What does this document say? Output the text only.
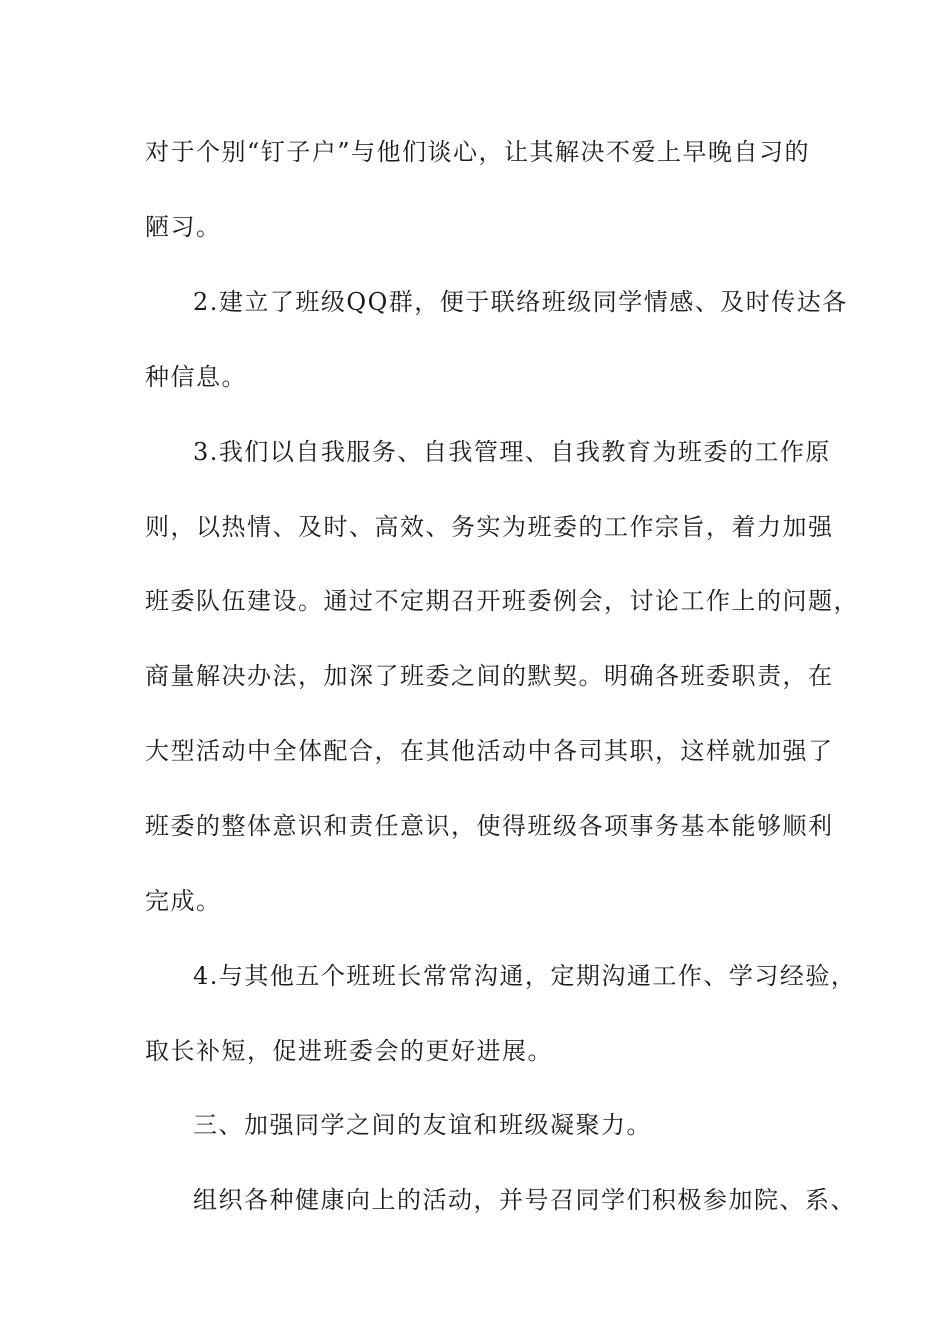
对于个别“钉子户”与他们谈心，让其解决不爱上早晚自习的

陋习。

2.建立了班级QQ群，便于联络班级同学情感、及时传达各

种信息。

3.我们以自我服务、自我管理、自我教育为班委的工作原

则，以热情、及时、高效、务实为班委的工作宗旨，着力加强

班委队伍建设。通过不定期召开班委例会，讨论工作上的问题，

商量解决办法，加深了班委之间的默契。明确各班委职责，在

大型活动中全体配合，在其他活动中各司其职，这样就加强了

班委的整体意识和责任意识，使得班级各项事务基本能够顺利

完成。

4.与其他五个班班长常常沟通，定期沟通工作、学习经验，

取长补短，促进班委会的更好进展。

三、加强同学之间的友谊和班级凝聚力。

组织各种健康向上的活动，并号召同学们积极参加院、系、
